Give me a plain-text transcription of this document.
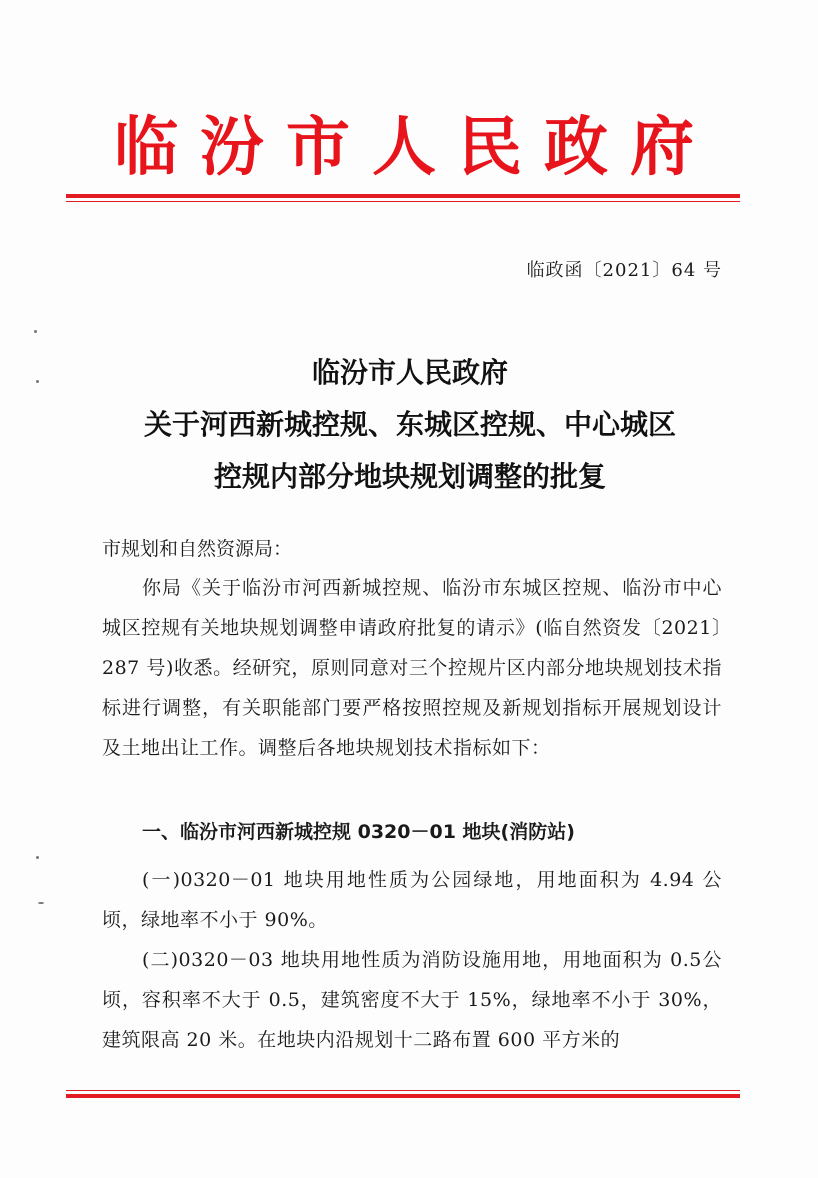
临汾市人民政府
临政函〔2021〕64 号
临汾市人民政府
关于河西新城控规、东城区控规、中心城区
控规内部分地块规划调整的批复
市规划和自然资源局：

你局《关于临汾市河西新城控规、临汾市东城区控规、临汾市中心城区控规有关地块规划调整申请政府批复的请示》(临自然资发〔2021〕287 号)收悉。经研究，原则同意对三个控规片区内部分地块规划技术指标进行调整，有关职能部门要严格按照控规及新规划指标开展规划设计及土地出让工作。调整后各地块规划技术指标如下：

一、临汾市河西新城控规 0320－01 地块(消防站)

(一)0320－01 地块用地性质为公园绿地，用地面积为 4.94 公顷，绿地率不小于 90%。

(二)0320－03 地块用地性质为消防设施用地，用地面积为 0.5公顷，容积率不大于 0.5，建筑密度不大于 15%，绿地率不小于 30%，建筑限高 20 米。在地块内沿规划十二路布置 600 平方米的
